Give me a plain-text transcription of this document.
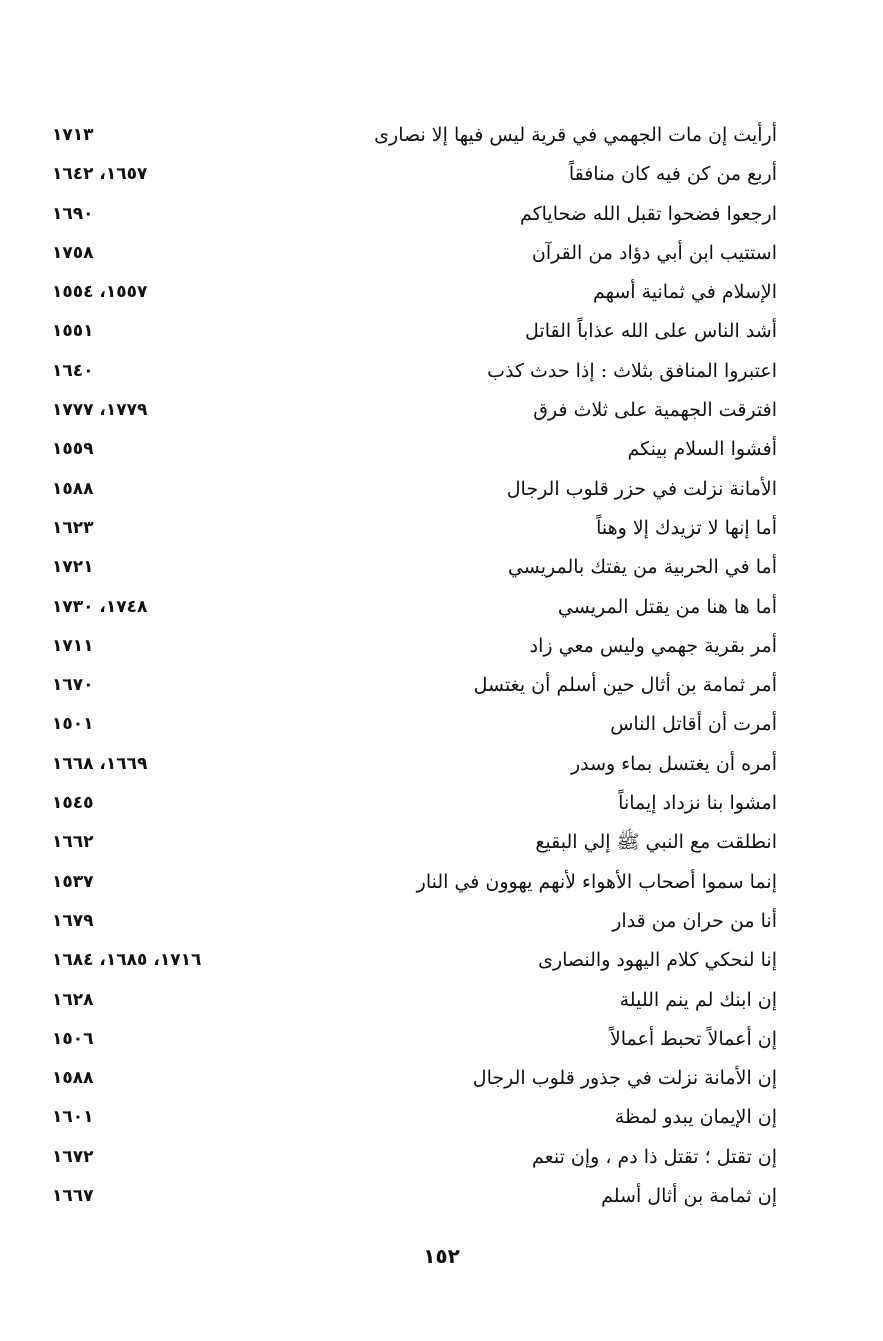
أرأيت إن مات الجهمي في قرية ليس فيها إلا نصارى
١٧١٣
أربع من كن فيه كان منافقاً
١٦٥٧، ١٦٤٢
ارجعوا فضحوا تقبل الله ضحاياكم
١٦٩٠
استتيب ابن أبي دؤاد من القرآن
١٧٥٨
الإسلام في ثمانية أسهم
١٥٥٧، ١٥٥٤
أشد الناس على الله عذاباً القاتل
١٥٥١
اعتبروا المنافق بثلاث : إذا حدث كذب
١٦٤٠
افترقت الجهمية على ثلاث فرق
١٧٧٩، ١٧٧٧
أفشوا السلام بينكم
١٥٥٩
الأمانة نزلت في حزر قلوب الرجال
١٥٨٨
أما إنها لا تزيدك إلا وهناً
١٦٢٣
أما في الحربية من يفتك بالمريسي
١٧٢١
أما ها هنا من يقتل المريسي
١٧٤٨، ١٧٣٠
أمر بقرية جهمي وليس معي زاد
١٧١١
أمر ثمامة بن أثال حين أسلم أن يغتسل
١٦٧٠
أمرت أن أقاتل الناس
١٥٠١
أمره أن يغتسل بماء وسدر
١٦٦٩، ١٦٦٨
امشوا بنا نزداد إيماناً
١٥٤٥
انطلقت مع النبي ﷺ إلي البقيع
١٦٦٢
إنما سموا أصحاب الأهواء لأنهم يهوون في النار
١٥٣٧
أنا من حران من قدار
١٦٧٩
إنا لنحكي كلام اليهود والنصارى
١٧١٦، ١٦٨٥، ١٦٨٤
إن ابنك لم ينم الليلة
١٦٢٨
إن أعمالاً تحبط أعمالاً
١٥٠٦
إن الأمانة نزلت في جذور قلوب الرجال
١٥٨٨
إن الإيمان يبدو لمظة
١٦٠١
إن تقتل ؛ تقتل ذا دم ، وإن تنعم
١٦٧٢
إن ثمامة بن أثال أسلم
١٦٦٧
١٥٢
